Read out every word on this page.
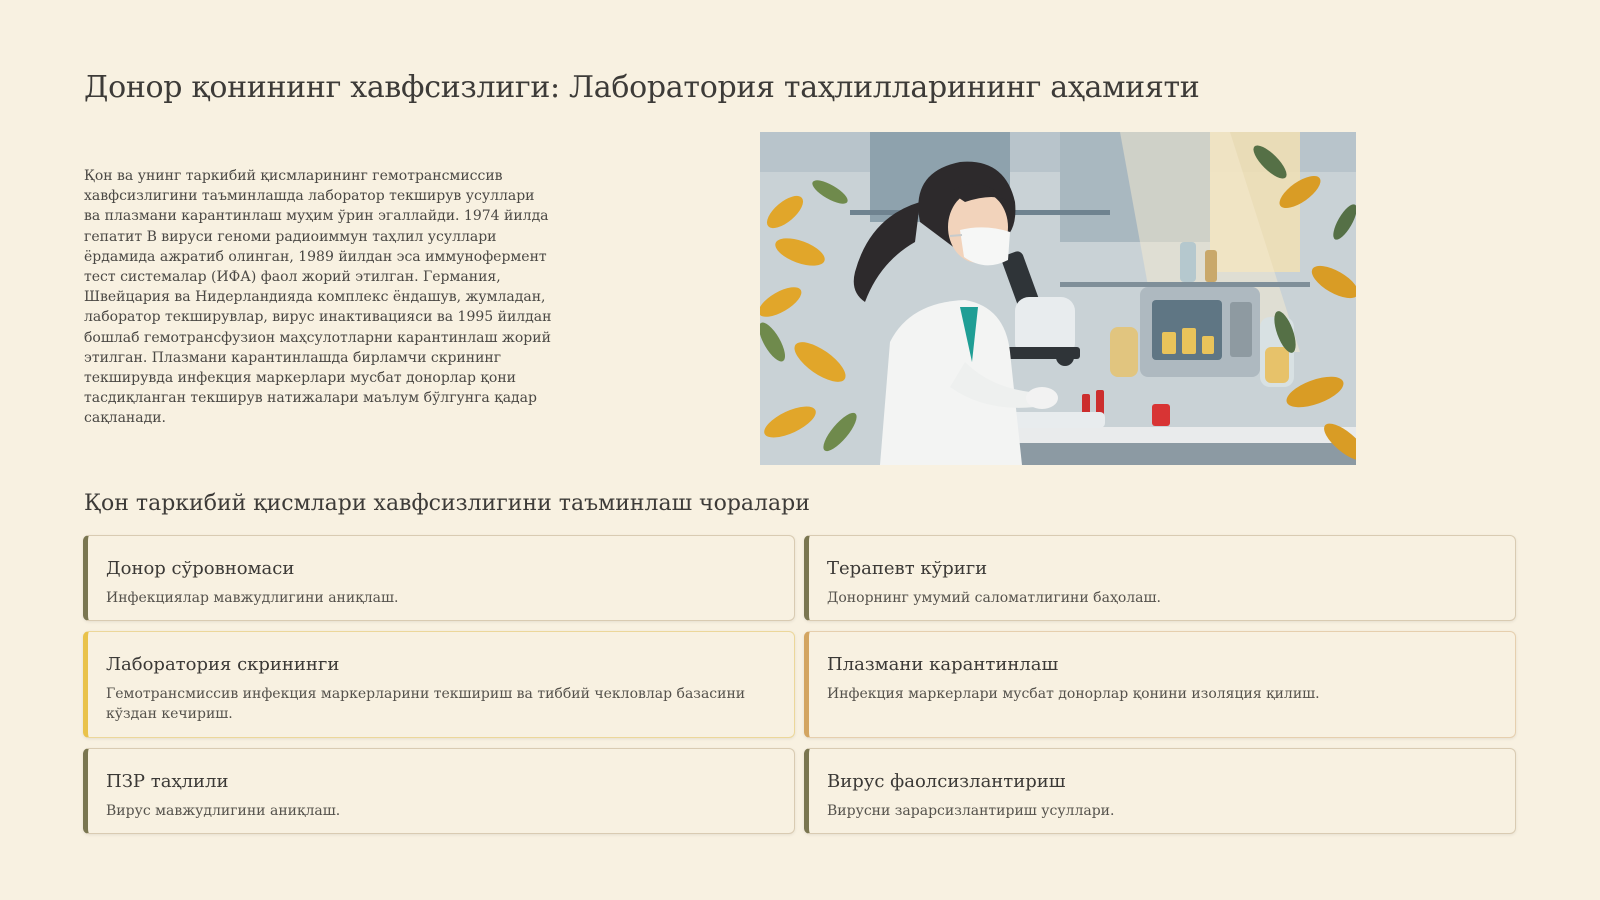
Донор қонининг хавфсизлиги: Лаборатория таҳлилларининг аҳамияти

Қон ва унинг таркибий қисмларининг гемотрансмиссив хавфсизлигини таъминлашда лаборатор текширув усуллари ва плазмани карантинлаш муҳим ўрин эгаллайди. 1974 йилда гепатит В вируси геноми радиоиммун таҳлил усуллари ёрдамида ажратиб олинган, 1989 йилдан эса иммунофермент тест системалар (ИФА) фаол жорий этилган. Германия, Швейцария ва Нидерландияда комплекс ёндашув, жумладан, лаборатор текширувлар, вирус инактивацияси ва 1995 йилдан бошлаб гемотрансфузион маҳсулотларни карантинлаш жорий этилган. Плазмани карантинлашда бирламчи скрининг текширувда инфекция маркерлари мусбат донорлар қони тасдиқланган текширув натижалари маълум бўлгунга қадар сақланади.

Қон таркибий қисмлари хавфсизлигини таъминлаш чоралари

Донор сўровномаси

Инфекциялар мавжудлигини аниқлаш.

Терапевт кўриги

Донорнинг умумий саломатлигини баҳолаш.

Лаборатория скрининги

Гемотрансмиссив инфекция маркерларини текшириш ва тиббий чекловлар базасини кўздан кечириш.

Плазмани карантинлаш

Инфекция маркерлари мусбат донорлар қонини изоляция қилиш.

ПЗР таҳлили

Вирус мавжудлигини аниқлаш.

Вирус фаолсизлантириш

Вирусни зарарсизлантириш усуллари.
